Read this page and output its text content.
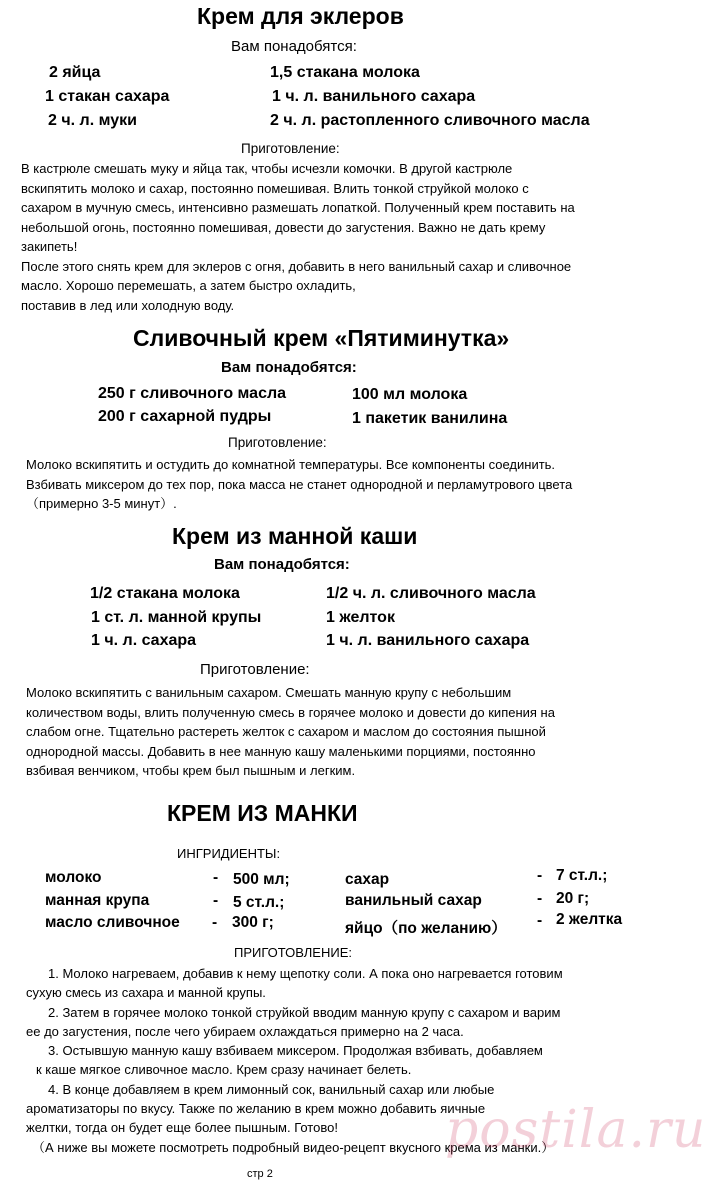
Крем для эклеров
Вам понадобятся:
2 яйца
1 стакан сахара
2 ч. л. муки
1,5 стакана молока
1 ч. л. ванильного сахара
2 ч. л. растопленного сливочного масла
Приготовление:
В кастрюле смешать муку и яйца так, чтобы исчезли комочки. В другой кастрюле
вскипятить молоко и сахар, постоянно помешивая. Влить тонкой струйкой молоко с
сахаром в мучную смесь, интенсивно размешать лопаткой. Полученный крем поставить на
небольшой огонь, постоянно помешивая, довести до загустения. Важно не дать крему
закипеть!
После этого снять крем для эклеров с огня, добавить в него ванильный сахар и сливочное
масло. Хорошо перемешать, а затем быстро охладить,
поставив в лед или холодную воду.
Сливочный крем «Пятиминутка»
Вам понадобятся:
250 г сливочного масла
200 г сахарной пудры
100 мл молока
1 пакетик ванилина
Приготовление:
Молоко вскипятить и остудить до комнатной температуры. Все компоненты соединить.
Взбивать миксером до тех пор, пока масса не станет однородной и перламутрового цвета
（примерно 3-5 минут）.
Крем из манной каши
Вам понадобятся:
1/2 стакана молока
1 ст. л. манной крупы
1 ч. л. сахара
1/2 ч. л. сливочного масла
1 желток
1 ч. л. ванильного сахара
Приготовление:
Молоко вскипятить с ванильным сахаром. Смешать манную крупу с небольшим
количеством воды, влить полученную смесь в горячее молоко и довести до кипения на
слабом огне. Тщательно растереть желток с сахаром и маслом до состояния пышной
однородной массы. Добавить в нее манную кашу маленькими порциями, постоянно
взбивая венчиком, чтобы крем был пышным и легким.
КРЕМ ИЗ МАНКИ
ИНГРИДИЕНТЫ:
молоко
манная крупа
масло сливочное
-
-
-
500 мл;
5 ст.л.;
300 г;
сахар
ванильный сахар
яйцо（по желанию）
-
-
-
7 ст.л.;
20 г;
2 желтка
ПРИГОТОВЛЕНИЕ:
1. Молоко нагреваем, добавив к нему щепотку соли. А пока оно нагревается готовим
сухую смесь из сахара и манной крупы.
2. Затем в горячее молоко тонкой струйкой вводим манную крупу с сахаром и варим
ее до загустения, после чего убираем охлаждаться примерно на 2 часа.
3. Остывшую манную кашу взбиваем миксером. Продолжая взбивать, добавляем
к каше мягкое сливочное масло. Крем сразу начинает белеть.
4. В конце добавляем в крем лимонный сок, ванильный сахар или любые
ароматизаторы по вкусу. Также по желанию в крем можно добавить яичные
желтки, тогда он будет еще более пышным. Готово!
（А ниже вы можете посмотреть подробный видео-рецепт вкусного крема из манки.）
postila.ru
стр 2
